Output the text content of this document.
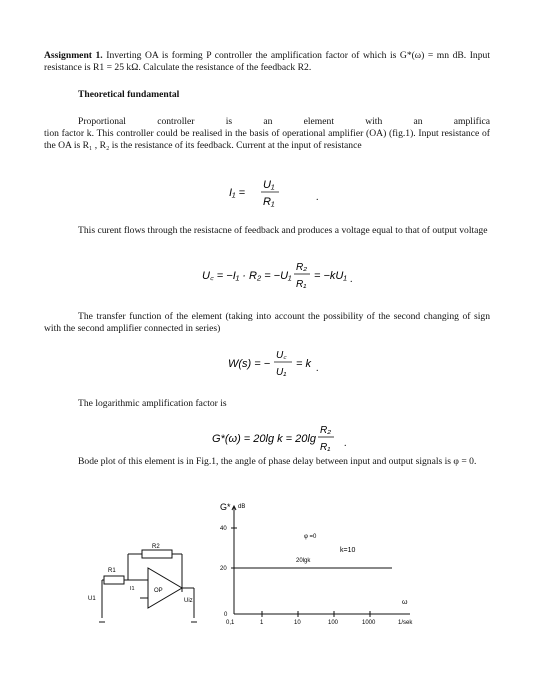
Assignment 1. Inverting OA is forming P controller the amplification factor of which is G*(ω) = mn dB. Input resistance is R1 = 25 kΩ. Calculate the resistance of the feedback R2.
Theoretical fundamental
Proportional controller is an element with an amplifica
tion factor k. This controller could be realised in the basis of operational amplifier (OA) (fig.1). Input resistance of the OA is R₁ , R₂ is the resistance of its feedback. Current at the input of resistance
I₁ =
U₁
R₁	.
This curent flows through the resistacne of feedback and produces a voltage equal to that of output voltage
U꜀ = −I₁ · R₂ = −U₁
R₂
R₁
= −kU₁ .
The transfer function of the element (taking into account the possibility of the second changing of sign with the second amplifier connected in series)
W(s) = −
U꜀
U₁
= k .
The logarithmic amplification factor is
G*(ω) = 20lg k = 20lg
R₂
R₁ .
Bode plot of this element is in Fig.1, the angle of phase delay between input and output signals is φ = 0.
R2
R1
I1	OP
U1	Uiz
G* dB
40
20
0
0,1	1	10	100	1000	1/sek
ω
φ =0
k=10
20lgk
